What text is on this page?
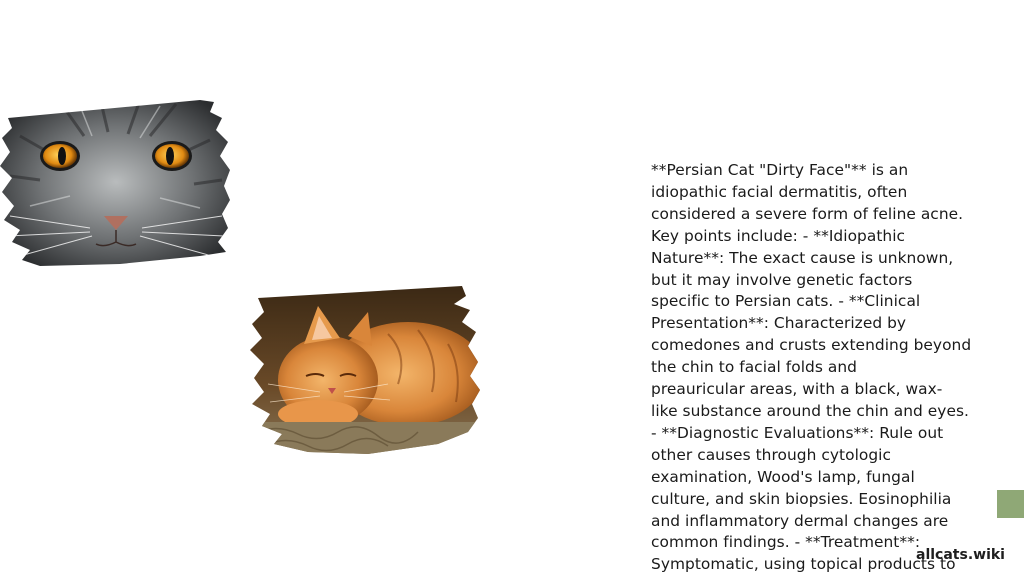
**Persian Cat "Dirty Face"** is an
idiopathic facial dermatitis, often
considered a severe form of feline acne.
Key points include: - **Idiopathic
Nature**: The exact cause is unknown,
but it may involve genetic factors
specific to Persian cats. - **Clinical
Presentation**: Characterized by
comedones and crusts extending beyond
the chin to facial folds and
preauricular areas, with a black, wax-
like substance around the chin and eyes.
- **Diagnostic Evaluations**: Rule out
other causes through cytologic
examination, Wood's lamp, fungal
culture, and skin biopsies. Eosinophilia
and inflammatory dermal changes are
common findings. - **Treatment**:
Symptomatic, using topical products to

allcats.wiki
